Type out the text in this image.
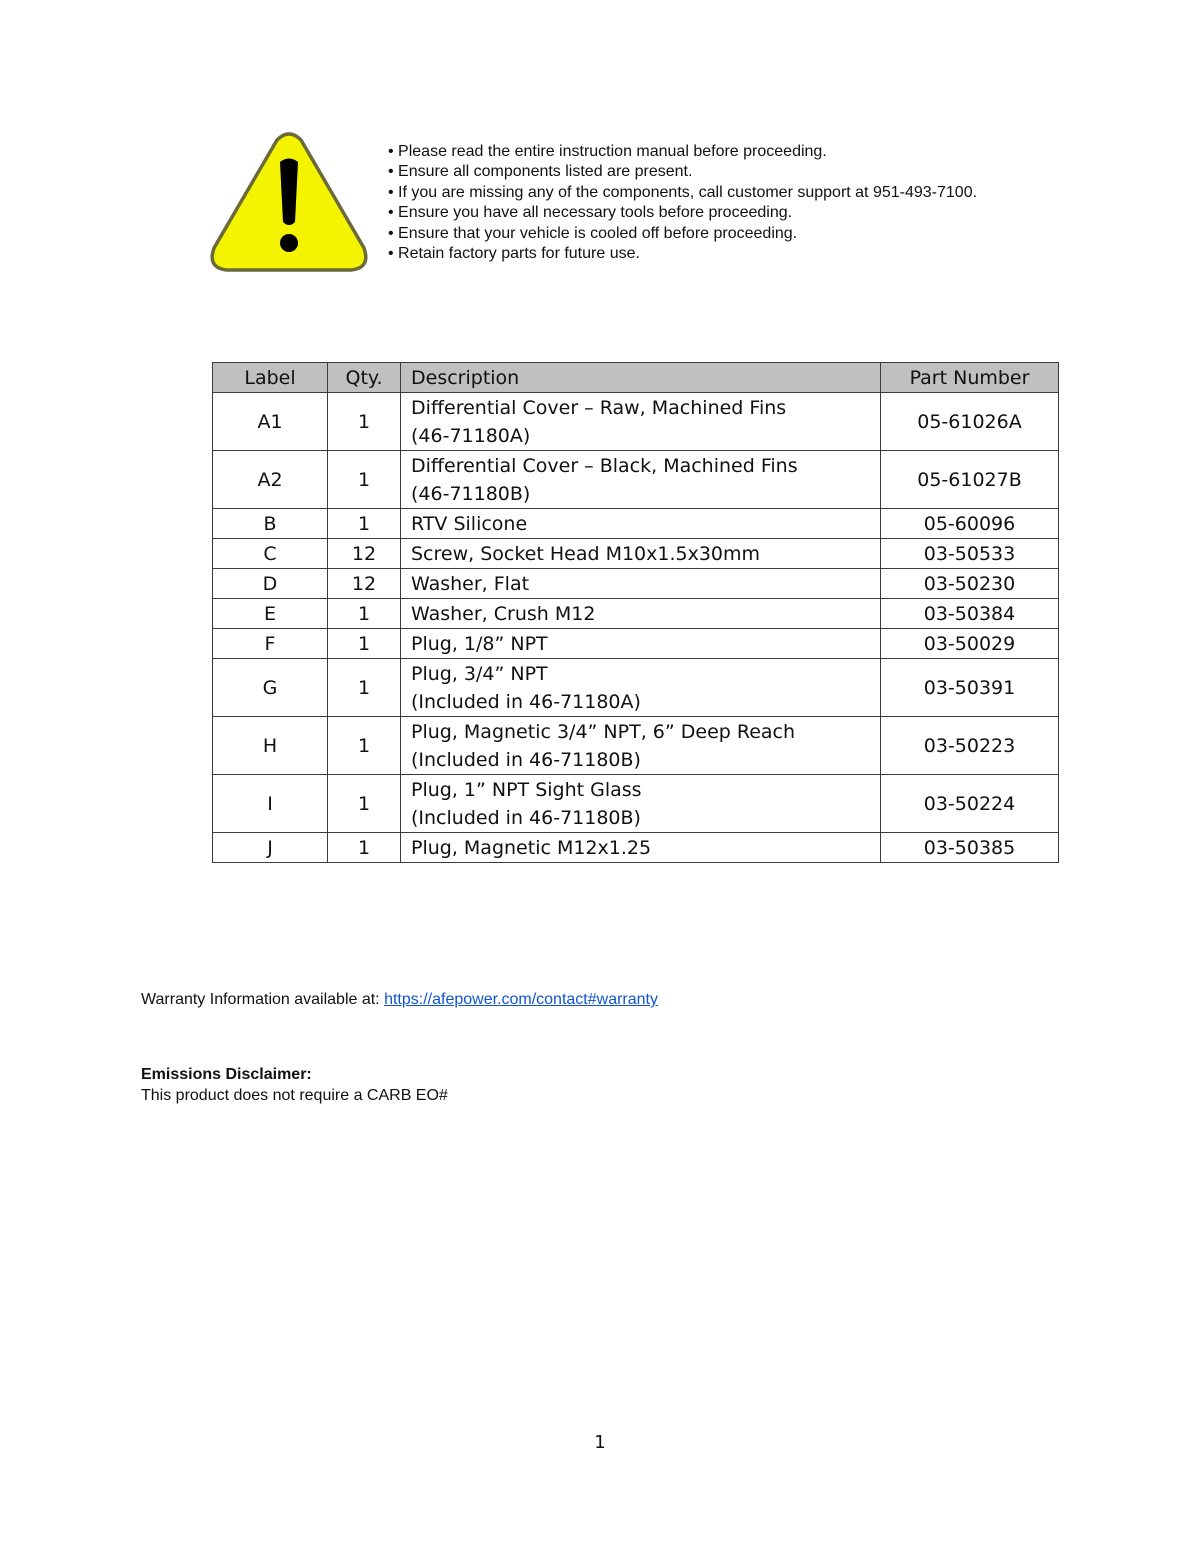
• Please read the entire instruction manual before proceeding.
• Ensure all components listed are present.
• If you are missing any of the components, call customer support at 951-493-7100.
• Ensure you have all necessary tools before proceeding.
• Ensure that your vehicle is cooled off before proceeding.
• Retain factory parts for future use.
Label	Qty.	Description	Part Number
A1	1	Differential Cover – Raw, Machined Fins
(46-71180A)	05-61026A
A2	1	Differential Cover – Black, Machined Fins
(46-71180B)	05-61027B
B	1	RTV Silicone	05-60096
C	12	Screw, Socket Head M10x1.5x30mm	03-50533
D	12	Washer, Flat	03-50230
E	1	Washer, Crush M12	03-50384
F	1	Plug, 1/8” NPT	03-50029
G	1	Plug, 3/4” NPT
(Included in 46-71180A)	03-50391
H	1	Plug, Magnetic 3/4” NPT, 6” Deep Reach
(Included in 46-71180B)	03-50223
I	1	Plug, 1” NPT Sight Glass
(Included in 46-71180B)	03-50224
J	1	Plug, Magnetic M12x1.25	03-50385
Warranty Information available at: https://afepower.com/contact#warranty
Emissions Disclaimer:
This product does not require a CARB EO#
1
